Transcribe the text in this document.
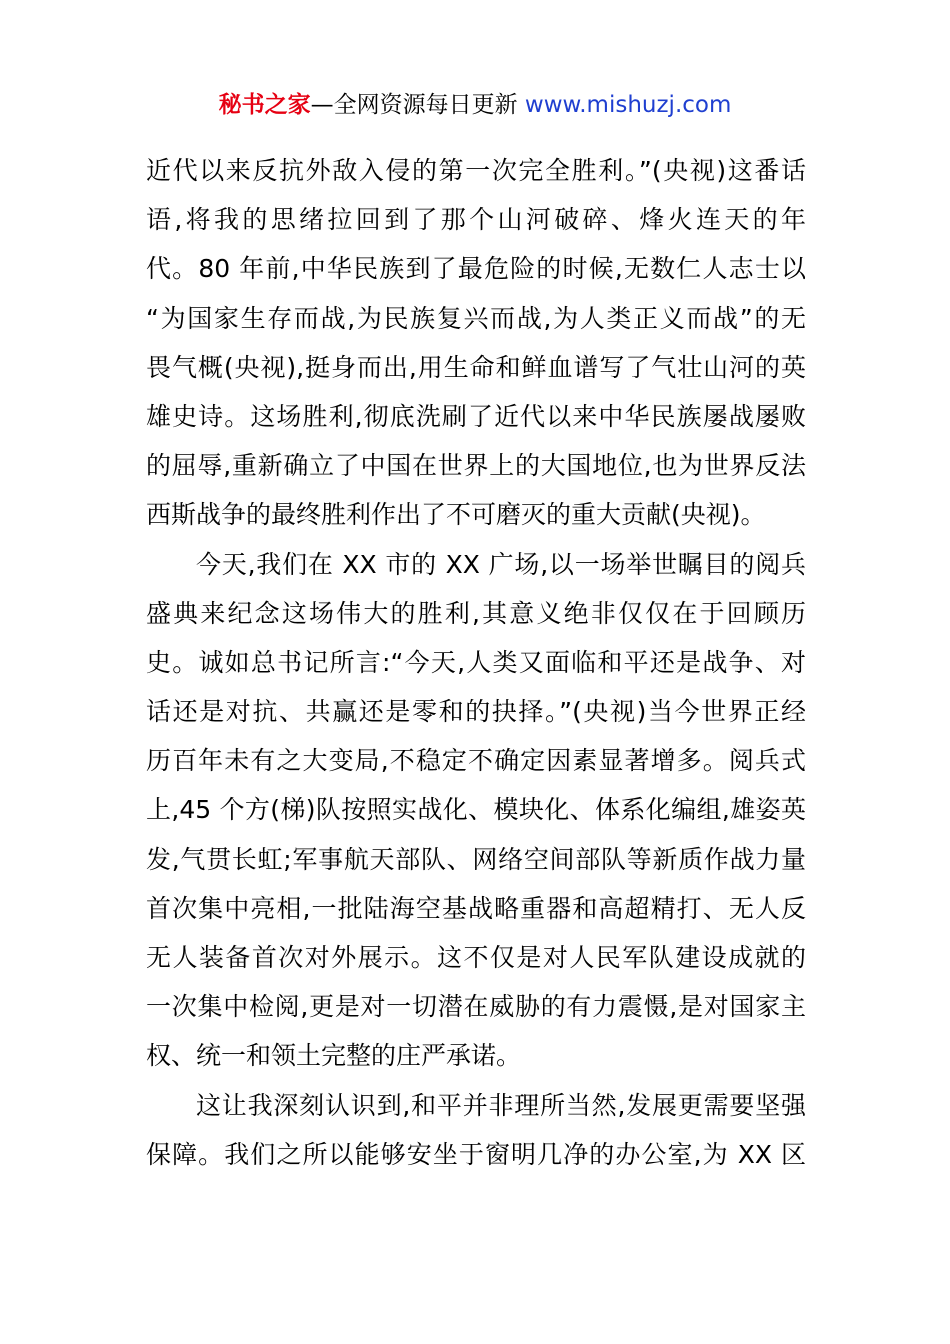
秘书之家—全网资源每日更新 www.mishuzj.com
近代以来反抗外敌入侵的第一次完全胜利。”(央视)这番话
语,将我的思绪拉回到了那个山河破碎、烽火连天的年
代。80 年前,中华民族到了最危险的时候,无数仁人志士以
“为国家生存而战,为民族复兴而战,为人类正义而战”的无
畏气概(央视),挺身而出,用生命和鲜血谱写了气壮山河的英
雄史诗。这场胜利,彻底洗刷了近代以来中华民族屡战屡败
的屈辱,重新确立了中国在世界上的大国地位,也为世界反法
西斯战争的最终胜利作出了不可磨灭的重大贡献(央视)。
今天,我们在 XX 市的 XX 广场,以一场举世瞩目的阅兵
盛典来纪念这场伟大的胜利,其意义绝非仅仅在于回顾历
史。诚如总书记所言:“今天,人类又面临和平还是战争、对
话还是对抗、共赢还是零和的抉择。”(央视)当今世界正经
历百年未有之大变局,不稳定不确定因素显著增多。阅兵式
上,45 个方(梯)队按照实战化、模块化、体系化编组,雄姿英
发,气贯长虹;军事航天部队、网络空间部队等新质作战力量
首次集中亮相,一批陆海空基战略重器和高超精打、无人反
无人装备首次对外展示。这不仅是对人民军队建设成就的
一次集中检阅,更是对一切潜在威胁的有力震慑,是对国家主
权、统一和领土完整的庄严承诺。
这让我深刻认识到,和平并非理所当然,发展更需要坚强
保障。我们之所以能够安坐于窗明几净的办公室,为 XX 区
